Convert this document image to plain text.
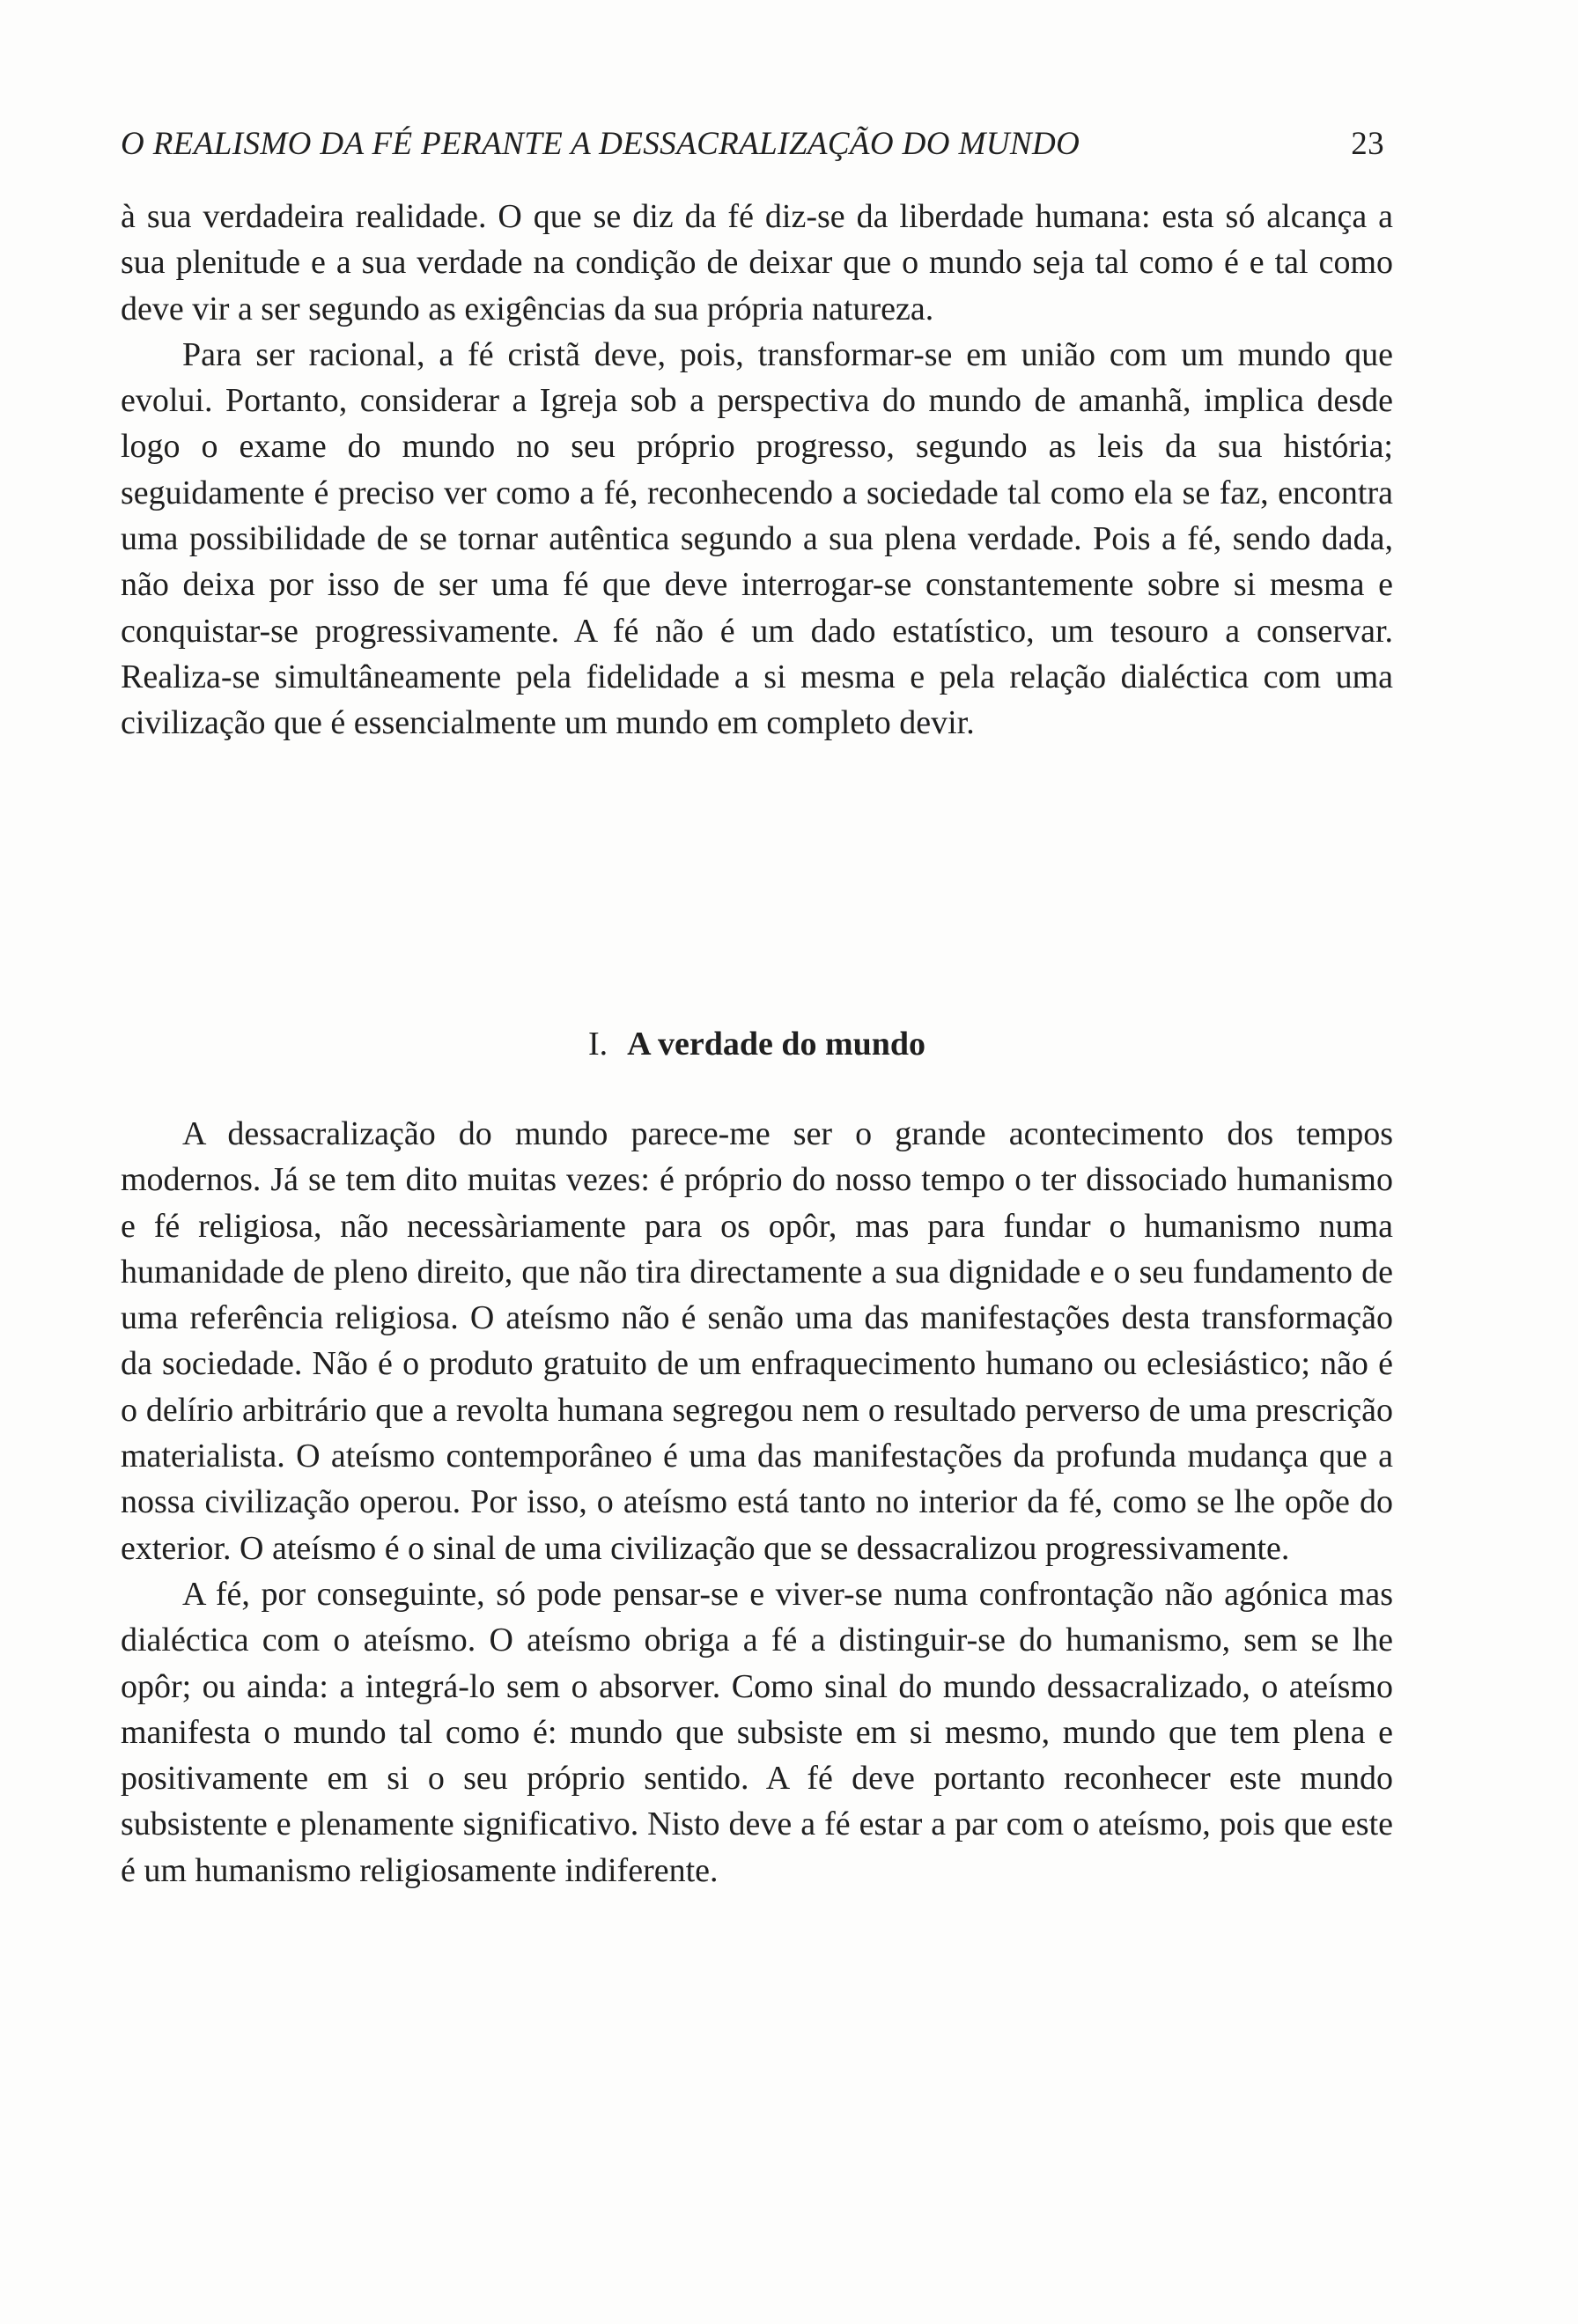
O REALISMO DA FÉ PERANTE A DESSACRALIZAÇÃO DO MUNDO	23

à sua verdadeira realidade. O que se diz da fé diz-se da liberdade humana: esta só alcança a sua plenitude e a sua verdade na condição de deixar que o mundo seja tal como é e tal como deve vir a ser segundo as exigências da sua própria natureza.

Para ser racional, a fé cristã deve, pois, transformar-se em união com um mundo que evolui. Portanto, considerar a Igreja sob a perspectiva do mundo de amanhã, implica desde logo o exame do mundo no seu próprio progresso, segundo as leis da sua história; seguidamente é preciso ver como a fé, reconhecendo a sociedade tal como ela se faz, encontra uma possibilidade de se tornar autêntica segundo a sua plena verdade. Pois a fé, sendo dada, não deixa por isso de ser uma fé que deve interrogar-se constantemente sobre si mesma e conquistar-se progressivamente. A fé não é um dado estatístico, um tesouro a conservar. Realiza-se simultâneamente pela fidelidade a si mesma e pela relação dialéctica com uma civilização que é essencialmente um mundo em completo devir.

I. A verdade do mundo

A dessacralização do mundo parece-me ser o grande acontecimento dos tempos modernos. Já se tem dito muitas vezes: é próprio do nosso tempo o ter dissociado humanismo e fé religiosa, não necessàriamente para os opôr, mas para fundar o humanismo numa humanidade de pleno direito, que não tira directamente a sua dignidade e o seu fundamento de uma referência religiosa. O ateísmo não é senão uma das manifestações desta transformação da sociedade. Não é o produto gratuito de um enfraquecimento humano ou eclesiástico; não é o delírio arbitrário que a revolta humana segregou nem o resultado perverso de uma prescrição materialista. O ateísmo contemporâneo é uma das manifestações da profunda mudança que a nossa civilização operou. Por isso, o ateísmo está tanto no interior da fé, como se lhe opõe do exterior. O ateísmo é o sinal de uma civilização que se dessacralizou progressivamente.

A fé, por conseguinte, só pode pensar-se e viver-se numa confrontação não agónica mas dialéctica com o ateísmo. O ateísmo obriga a fé a distinguir-se do humanismo, sem se lhe opôr; ou ainda: a integrá-lo sem o absorver. Como sinal do mundo dessacralizado, o ateísmo manifesta o mundo tal como é: mundo que subsiste em si mesmo, mundo que tem plena e positivamente em si o seu próprio sentido. A fé deve portanto reconhecer este mundo subsistente e plenamente significativo. Nisto deve a fé estar a par com o ateísmo, pois que este é um humanismo religiosamente indiferente.
